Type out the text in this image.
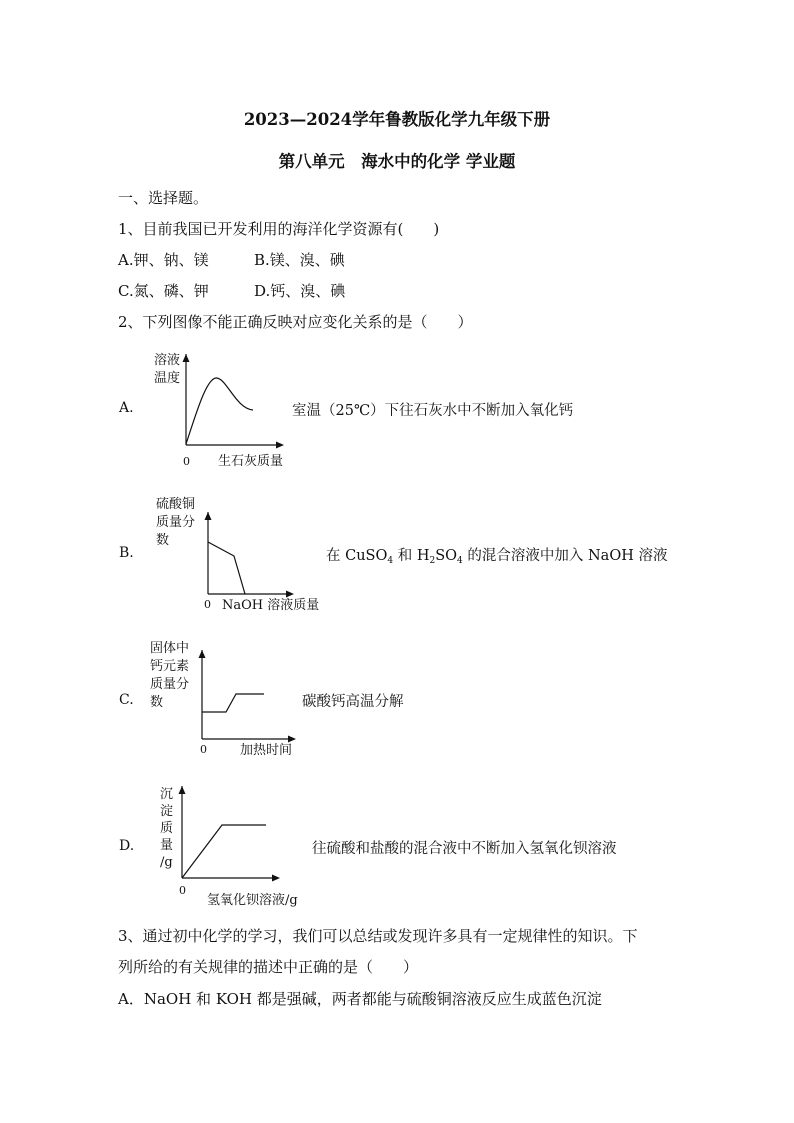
2023—2024学年鲁教版化学九年级下册
第八单元　海水中的化学 学业题
一、选择题。
1、目前我国已开发利用的海洋化学资源有(　　)
A.钾、钠、镁	B.镁、溴、碘
C.氮、磷、钾	D.钙、溴、碘
2、下列图像不能正确反映对应变化关系的是（　　）
A.
溶液
温度
0 生石灰质量
室温（25℃）下往石灰水中不断加入氧化钙
B.
硫酸铜
质量分
数
0 NaOH 溶液质量
在 CuSO$_4$ 和 $H_2SO_4$ 的混合溶液中加入 NaOH 溶液
C.
固体中
钙元素
质量分
数
0	加热时间
碳酸钙高温分解
D.
沉
淀
质
量
/g
0
氢氧化钡溶液/g
往硫酸和盐酸的混合液中不断加入氢氧化钡溶液
3、通过初中化学的学习，我们可以总结或发现许多具有一定规律性的知识。下
列所给的有关规律的描述中正确的是（　　）
A．NaOH 和 KOH 都是强碱，两者都能与硫酸铜溶液反应生成蓝色沉淀
